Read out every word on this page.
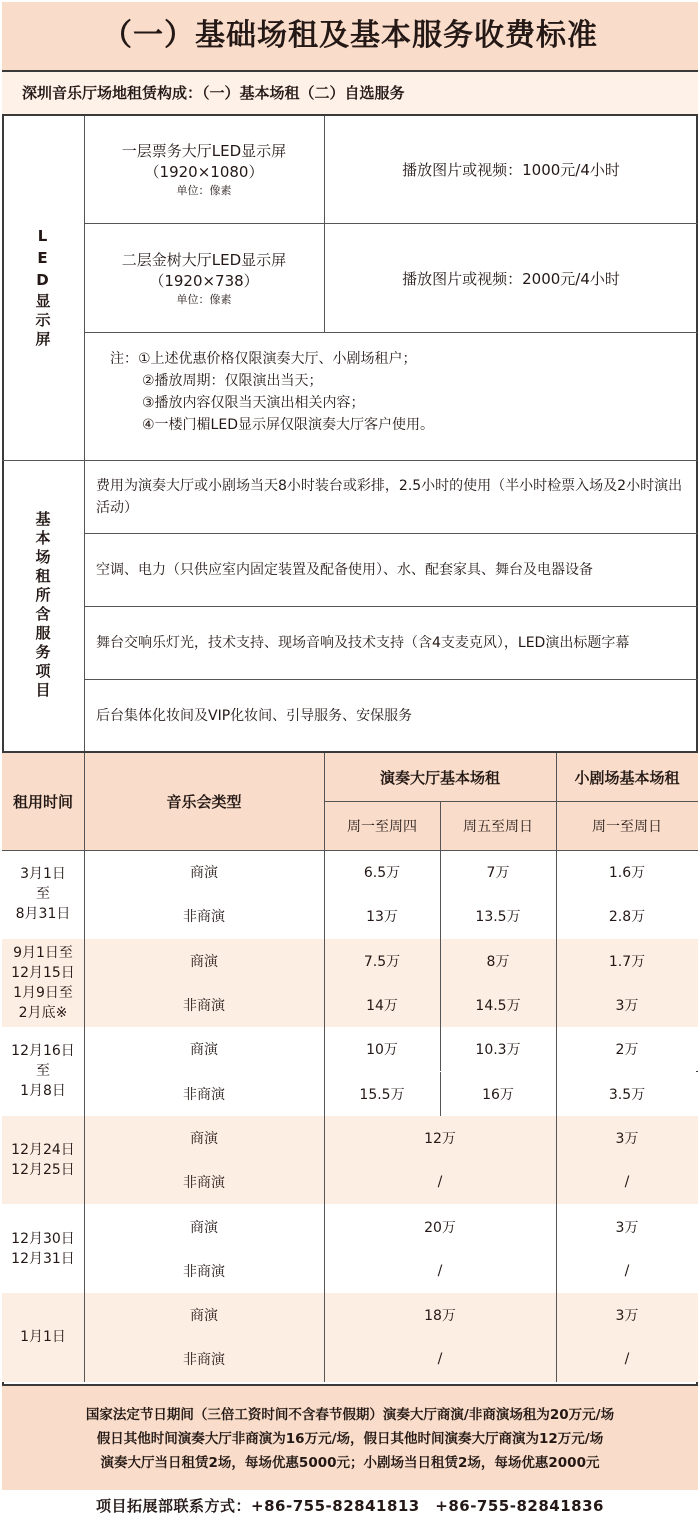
（一）基础场租及基本服务收费标准
深圳音乐厅场地租赁构成：（一）基本场租（二）自选服务
LED显示屏
一层票务大厅LED显示屏
（1920×1080）
单位：像素
播放图片或视频：1000元/4小时
二层金树大厅LED显示屏
（1920×738）
单位：像素
播放图片或视频：2000元/4小时
注：①上述优惠价格仅限演奏大厅、小剧场租户；
②播放周期：仅限演出当天；
③播放内容仅限当天演出相关内容；
④一楼门楣LED显示屏仅限演奏大厅客户使用。
基本场租所含服务项目
费用为演奏大厅或小剧场当天8小时装台或彩排，2.5小时的使用（半小时检票入场及2小时演出活动）
空调、电力（只供应室内固定装置及配备使用）、水、配套家具、舞台及电器设备
舞台交响乐灯光，技术支持、现场音响及技术支持（含4支麦克风），LED演出标题字幕
后台集体化妆间及VIP化妆间、引导服务、安保服务
国家法定节日期间（三倍工资时间不含春节假期）演奏大厅商演/非商演场租为20万元/场
假日其他时间演奏大厅非商演为16万元/场，假日其他时间演奏大厅商演为12万元/场
演奏大厅当日租赁2场，每场优惠5000元；小剧场当日租赁2场，每场优惠2000元
项目拓展部联系方式：+86-755-82841813　+86-755-82841836
租用时间	音乐会类型
演奏大厅基本场租	小剧场基本场租
周一至周四	周五至周日	周一至周日
3月1日
至
8月31日
商演	6.5万	7万	1.6万
非商演	13万	13.5万	2.8万
9月1日至
12月15日
1月9日至
2月底※
商演	7.5万	8万	1.7万
非商演	14万	14.5万	3万
12月16日
至
1月8日
商演	10万	10.3万	2万
非商演	15.5万	16万	3.5万
12月24日
12月25日
商演	12万	3万
非商演	/	/
12月30日
12月31日
商演	20万	3万
非商演	/	/
1月1日
商演	18万	3万
非商演	/	/
